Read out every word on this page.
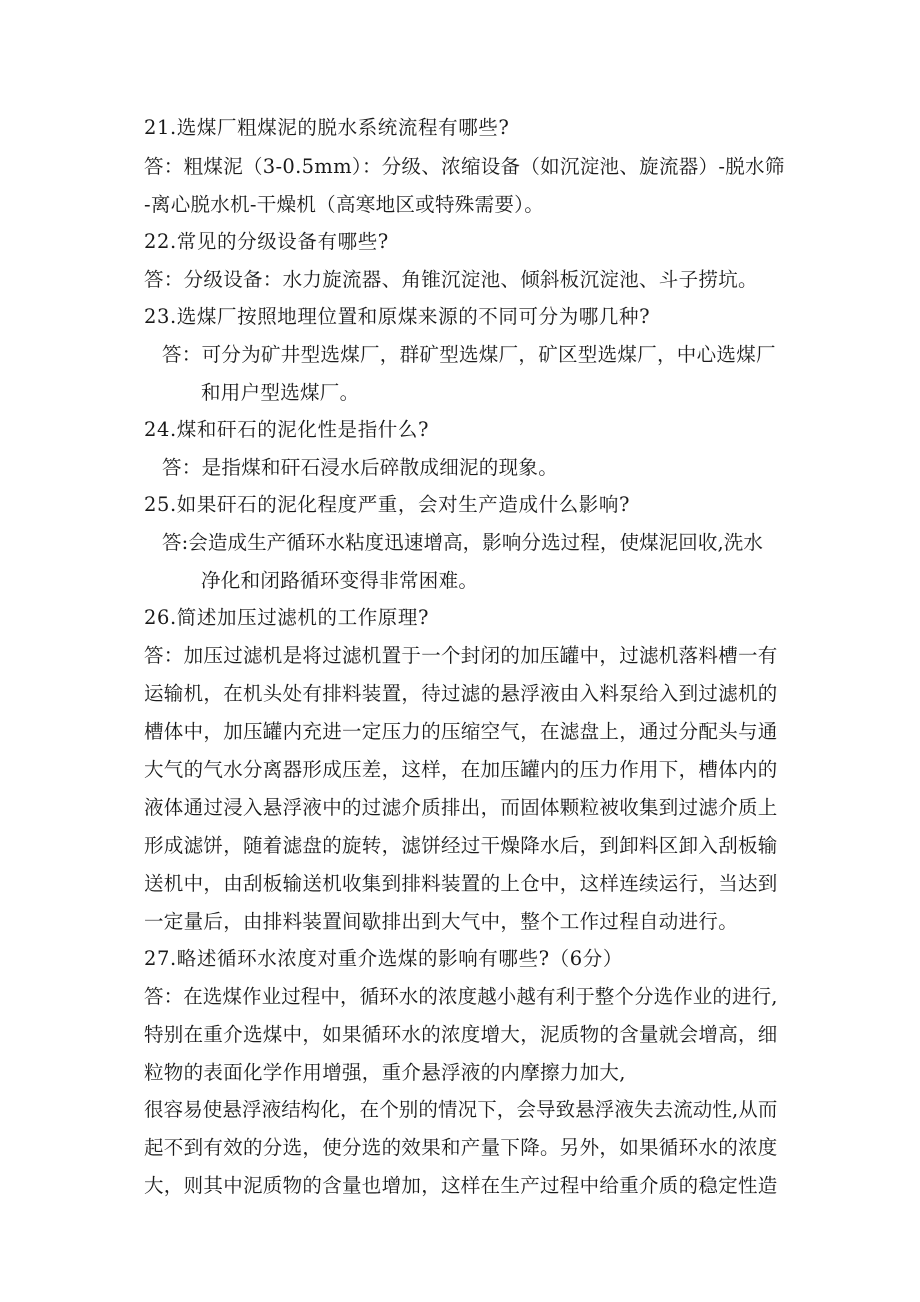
21.选煤厂粗煤泥的脱水系统流程有哪些?
答：粗煤泥（3-0.5mm）：分级、浓缩设备（如沉淀池、旋流器）-脱水筛
-离心脱水机-干燥机（高寒地区或特殊需要）。
22.常见的分级设备有哪些?
答：分级设备：水力旋流器、角锥沉淀池、倾斜板沉淀池、斗子捞坑。
23.选煤厂按照地理位置和原煤来源的不同可分为哪几种?
答：可分为矿井型选煤厂，群矿型选煤厂，矿区型选煤厂，中心选煤厂
和用户型选煤厂。
24.煤和矸石的泥化性是指什么?
答：是指煤和矸石浸水后碎散成细泥的现象。
25.如果矸石的泥化程度严重，会对生产造成什么影响?
答:会造成生产循环水粘度迅速增高，影响分选过程，使煤泥回收,洗水
净化和闭路循环变得非常困难。
26.简述加压过滤机的工作原理?
答：加压过滤机是将过滤机置于一个封闭的加压罐中，过滤机落料槽一有
运输机，在机头处有排料装置，待过滤的悬浮液由入料泵给入到过滤机的
槽体中，加压罐内充进一定压力的压缩空气，在滤盘上，通过分配头与通
大气的气水分离器形成压差，这样，在加压罐内的压力作用下，槽体内的
液体通过浸入悬浮液中的过滤介质排出，而固体颗粒被收集到过滤介质上
形成滤饼，随着滤盘的旋转，滤饼经过干燥降水后，到卸料区卸入刮板输
送机中，由刮板输送机收集到排料装置的上仓中，这样连续运行，当达到
一定量后，由排料装置间歇排出到大气中，整个工作过程自动进行。
27.略述循环水浓度对重介选煤的影响有哪些?（6分）
答：在选煤作业过程中，循环水的浓度越小越有利于整个分选作业的进行,
特别在重介选煤中，如果循环水的浓度增大，泥质物的含量就会增高，细
粒物的表面化学作用增强，重介悬浮液的内摩擦力加大,
很容易使悬浮液结构化，在个别的情况下，会导致悬浮液失去流动性,从而
起不到有效的分选，使分选的效果和产量下降。另外，如果循环水的浓度
大，则其中泥质物的含量也增加，这样在生产过程中给重介质的稳定性造
